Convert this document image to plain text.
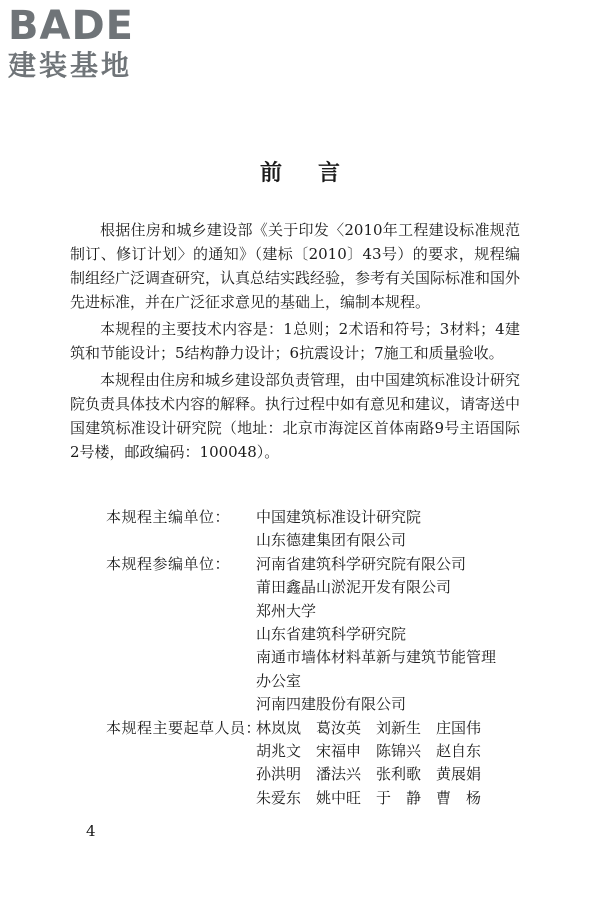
BADE
建装基地
前言

根据住房和城乡建设部《关于印发〈2010年工程建设标准规范制订、修订计划〉的通知》（建标〔2010〕43号）的要求，规程编制组经广泛调查研究，认真总结实践经验，参考有关国际标准和国外先进标准，并在广泛征求意见的基础上，编制本规程。

本规程的主要技术内容是：1总则；2术语和符号；3材料；4建筑和节能设计；5结构静力设计；6抗震设计；7施工和质量验收。

本规程由住房和城乡建设部负责管理，由中国建筑标准设计研究院负责具体技术内容的解释。执行过程中如有意见和建议，请寄送中国建筑标准设计研究院（地址：北京市海淀区首体南路9号主语国际2号楼，邮政编码：100048）。

本规程主编单位：	中国建筑标准设计研究院
山东德建集团有限公司
本规程参编单位：	河南省建筑科学研究院有限公司
莆田鑫晶山淤泥开发有限公司
郑州大学
山东省建筑科学研究院
南通市墙体材料革新与建筑节能管理
办公室
河南四建股份有限公司
本规程主要起草人员：
林岚岚 葛汝英 刘新生 庄国伟
胡兆文 宋福申 陈锦兴 赵自东
孙洪明 潘法兴 张利歌 黄展娟
朱爱东 姚中旺 于　静 曹　杨
4
